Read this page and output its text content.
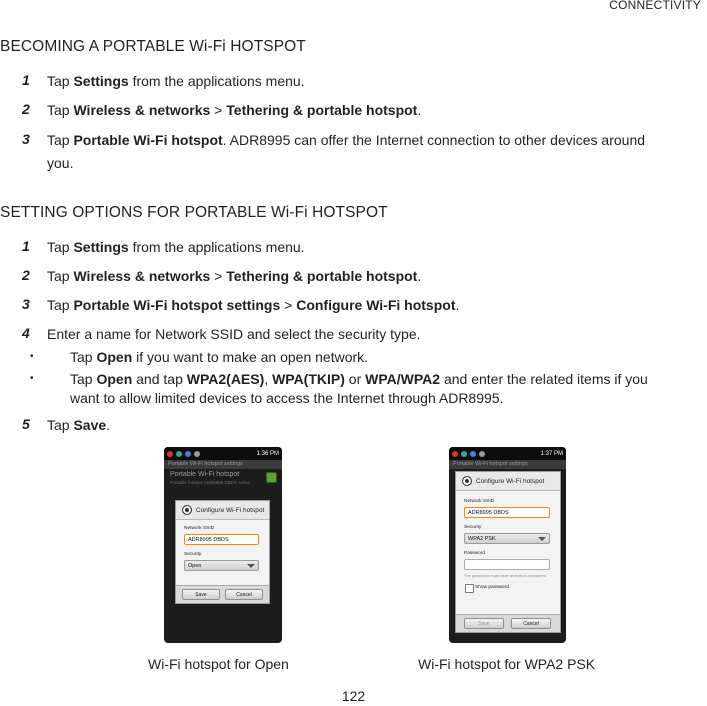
CONNECTIVITY
BECOMING A PORTABLE Wi-Fi HOTSPOT
1 Tap Settings from the applications menu.
2 Tap Wireless & networks > Tethering & portable hotspot.
3 Tap Portable Wi-Fi hotspot. ADR8995 can offer the Internet connection to other devices around
you.
SETTING OPTIONS FOR PORTABLE Wi-Fi HOTSPOT
1 Tap Settings from the applications menu.
2 Tap Wireless & networks > Tethering & portable hotspot.
3 Tap Portable Wi-Fi hotspot settings > Configure Wi-Fi hotspot.
4 Enter a name for Network SSID and select the security type.
•	Tap Open if you want to make an open network.
•	Tap Open and tap WPA2(AES), WPA(TKIP) or WPA/WPA2 and enter the related items if you
want to allow limited devices to access the Internet through ADR8995.
5 Tap Save.
1:36 PM
Portable Wi-Fi hotspot settings
Portable Wi-Fi hotspot
Portable hotspot ADR8995 DBDS active
Configure Wi-Fi hotspot
Network SSID
ADR8995 DBDS
Security
Open
Save	Cancel
1:37 PM
Portable Wi-Fi hotspot settings
Configure Wi-Fi hotspot
Network SSID
ADR8995 DBDS
Security
WPA2 PSK
Password
The password must have at least 8 characters.
Show password.
Save	Cancel
Wi-Fi hotspot for Open	Wi-Fi hotspot for WPA2 PSK
122
